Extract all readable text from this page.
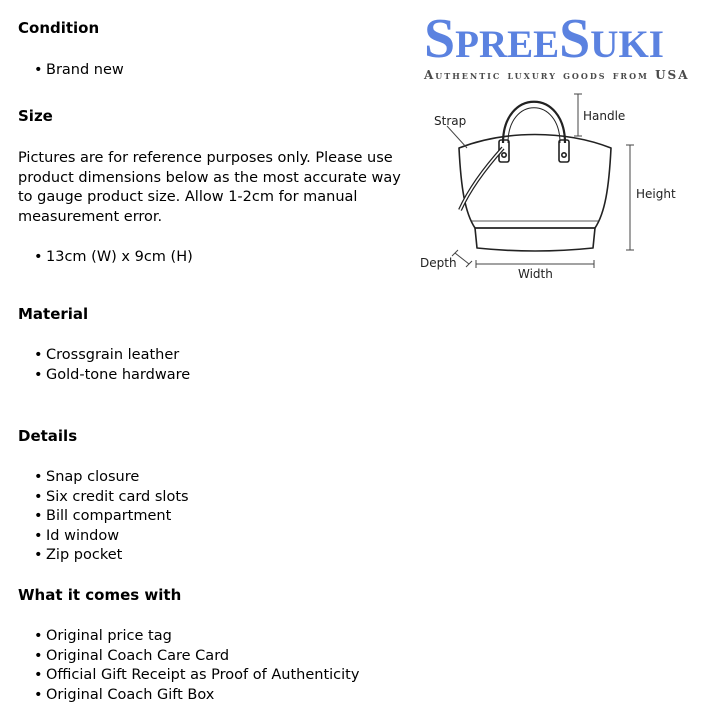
Condition
• Brand new
Size

Pictures are for reference purposes only. Please use product dimensions below as the most accurate way to gauge product size. Allow 1-2cm for manual measurement error.

• 13cm (W) x 9cm (H)
Material
• Crossgrain leather
• Gold-tone hardware
Details
• Snap closure
• Six credit card slots
• Bill compartment
• Id window
• Zip pocket
What it comes with
• Original price tag
• Original Coach Care Card
• Official Gift Receipt as Proof of Authenticity
• Original Coach Gift Box
SpreeSuki
Authentic luxury goods from USA
Strap	Handle
Height
Depth
Width
